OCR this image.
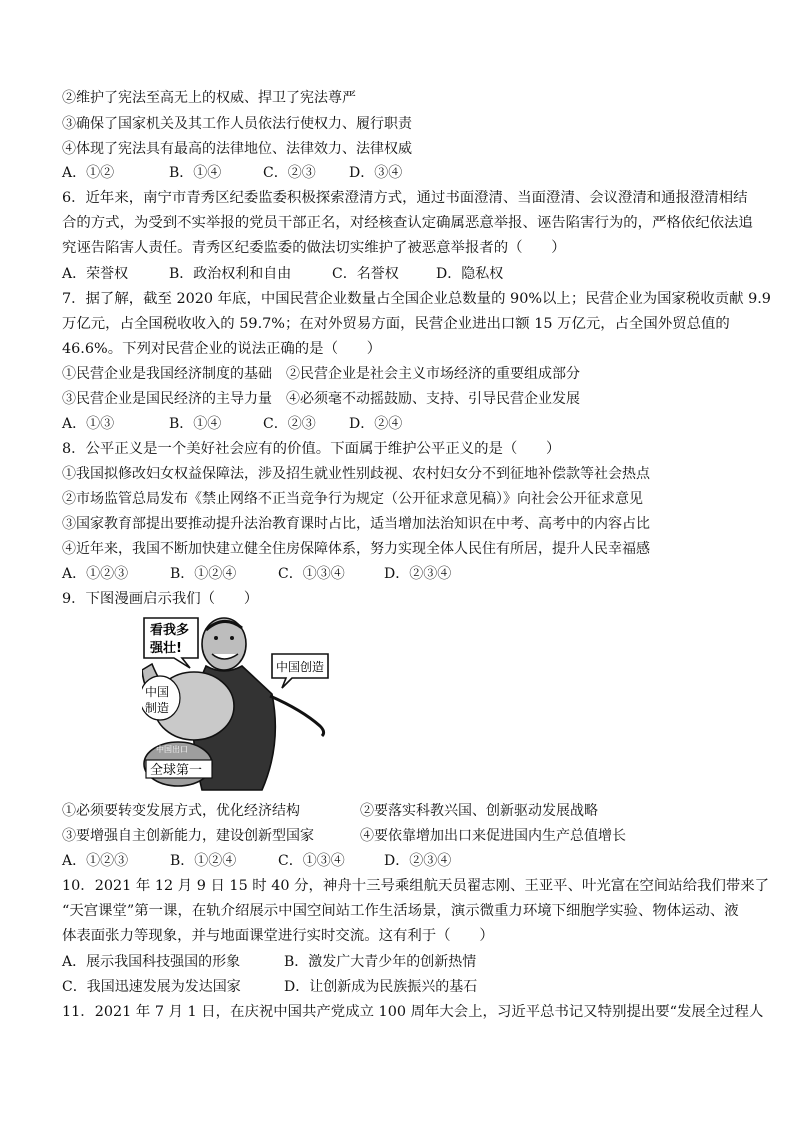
②维护了宪法至高无上的权威、捍卫了宪法尊严
③确保了国家机关及其工作人员依法行使权力、履行职责
④体现了宪法具有最高的法律地位、法律效力、法律权威
A．①②	B．①④	C．②③ D．③④
6．近年来，南宁市青秀区纪委监委积极探索澄清方式，通过书面澄清、当面澄清、会议澄清和通报澄清相结
合的方式，为受到不实举报的党员干部正名，对经核查认定确属恶意举报、诬告陷害行为的，严格依纪依法追
究诬告陷害人责任。青秀区纪委监委的做法切实维护了被恶意举报者的（　　）
A．荣誉权	B．政治权利和自由	C．名誉权	D．隐私权
7．据了解，截至 2020 年底，中国民营企业数量占全国企业总数量的 90%以上；民营企业为国家税收贡献 9.9
万亿元，占全国税收收入的 59.7%；在对外贸易方面，民营企业进出口额 15 万亿元，占全国外贸总值的
46.6%。下列对民营企业的说法正确的是（　　）
①民营企业是我国经济制度的基础　②民营企业是社会主义市场经济的重要组成部分
③民营企业是国民经济的主导力量　④必须毫不动摇鼓励、支持、引导民营企业发展
A．①③	B．①④	C．②③ D．②④
8．公平正义是一个美好社会应有的价值。下面属于维护公平正义的是（　　）
①我国拟修改妇女权益保障法，涉及招生就业性别歧视、农村妇女分不到征地补偿款等社会热点
②市场监管总局发布《禁止网络不正当竞争行为规定（公开征求意见稿）》向社会公开征求意见
③国家教育部提出要推动提升法治教育课时占比，适当增加法治知识在中考、高考中的内容占比
④近年来，我国不断加快建立健全住房保障体系，努力实现全体人民住有所居，提升人民幸福感
A．①②③	B．①②④	C．①③④	D．②③④
9．下图漫画启示我们（　　）
看我多
强壮!
中国
制造
中国创造
中国出口
全球第一
①必须要转变发展方式，优化经济结构	②要落实科教兴国、创新驱动发展战略
③要增强自主创新能力，建设创新型国家	④要依靠增加出口来促进国内生产总值增长
A．①②③	B．①②④	C．①③④	D．②③④
10．2021 年 12 月 9 日 15 时 40 分，神舟十三号乘组航天员翟志刚、王亚平、叶光富在空间站给我们带来了
“天宫课堂”第一课，在轨介绍展示中国空间站工作生活场景，演示微重力环境下细胞学实验、物体运动、液
体表面张力等现象，并与地面课堂进行实时交流。这有利于（　　）
A．展示我国科技强国的形象	B．激发广大青少年的创新热情
C．我国迅速发展为发达国家	D．让创新成为民族振兴的基石
11．2021 年 7 月 1 日，在庆祝中国共产党成立 100 周年大会上，习近平总书记又特别提出要“发展全过程人
